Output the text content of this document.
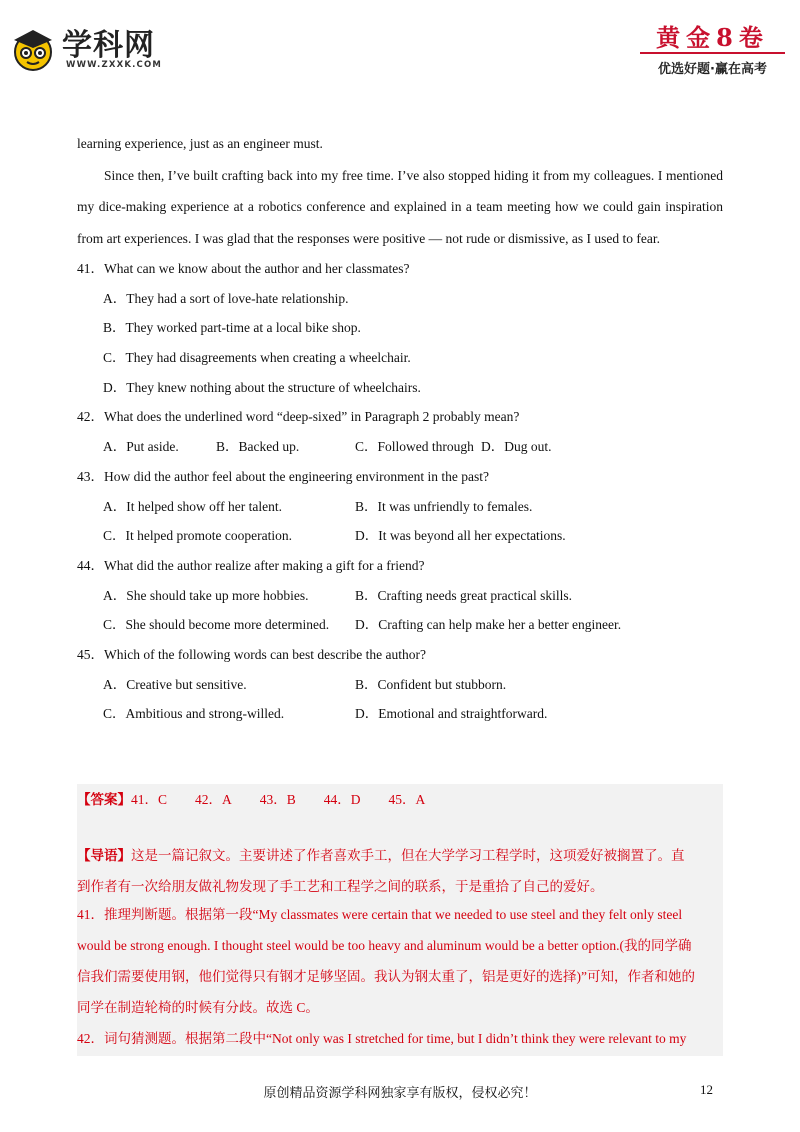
学科网
WWW.ZXXK.COM
黄金8卷
优选好题·赢在高考

learning experience, just as an engineer must.

Since then, I’ve built crafting back into my free time. I’ve also stopped hiding it from my colleagues. I mentioned my dice-making experience at a robotics conference and explained in a team meeting how we could gain inspiration from art experiences. I was glad that the responses were positive — not rude or dismissive, as I used to fear.

41．What can we know about the author and her classmates?

A．They had a sort of love-hate relationship.
B．They worked part-time at a local bike shop.
C．They had disagreements when creating a wheelchair.
D．They knew nothing about the structure of wheelchairs.

42．What does the underlined word “deep-sixed” in Paragraph 2 probably mean?

A．Put aside.	B．Backed up.	C．Followed through D．Dug out.

43．How did the author feel about the engineering environment in the past?

A．It helped show off her talent.	B．It was unfriendly to females.
C．It helped promote cooperation.	D．It was beyond all her expectations.

44．What did the author realize after making a gift for a friend?

A．She should take up more hobbies.	B．Crafting needs great practical skills.
C．She should become more determined. D．Crafting can help make her a better engineer.

45．Which of the following words can best describe the author?

A．Creative but sensitive.	B．Confident but stubborn.
C．Ambitious and strong-willed.	D．Emotional and straightforward.
【答案】41．C 42．A 43．B 44．D 45．A
【导语】这是一篇记叙文。主要讲述了作者喜欢手工，但在大学学习工程学时，这项爱好被搁置了。直
到作者有一次给朋友做礼物发现了手工艺和工程学之间的联系，于是重拾了自己的爱好。
41．推理判断题。根据第一段“My classmates were certain that we needed to use steel and they felt only steel
would be strong enough. I thought steel would be too heavy and aluminum would be a better option.(我的同学确
信我们需要使用钢，他们觉得只有钢才足够坚固。我认为钢太重了，铝是更好的选择)”可知，作者和她的
同学在制造轮椅的时候有分歧。故选 C。
42．词句猜测题。根据第二段中“Not only was I stretched for time, but I didn’t think they were relevant to my
原创精品资源学科网独家享有版权，侵权必究！	12
